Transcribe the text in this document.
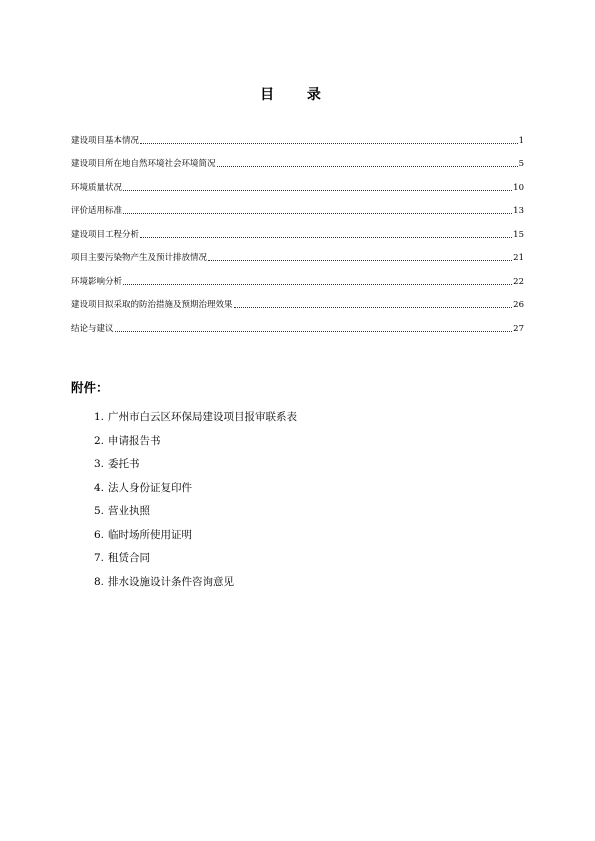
目 录
建设项目基本情况	1
建设项目所在地自然环境社会环境简况	5
环境质量状况	10
评价适用标准	13
建设项目工程分析	15
项目主要污染物产生及预计排放情况	21
环境影响分析	22
建设项目拟采取的防治措施及预期治理效果	26
结论与建议	27
附件：
1. 广州市白云区环保局建设项目报审联系表
2. 申请报告书
3. 委托书
4. 法人身份证复印件
5. 营业执照
6. 临时场所使用证明
7. 租赁合同
8. 排水设施设计条件咨询意见
